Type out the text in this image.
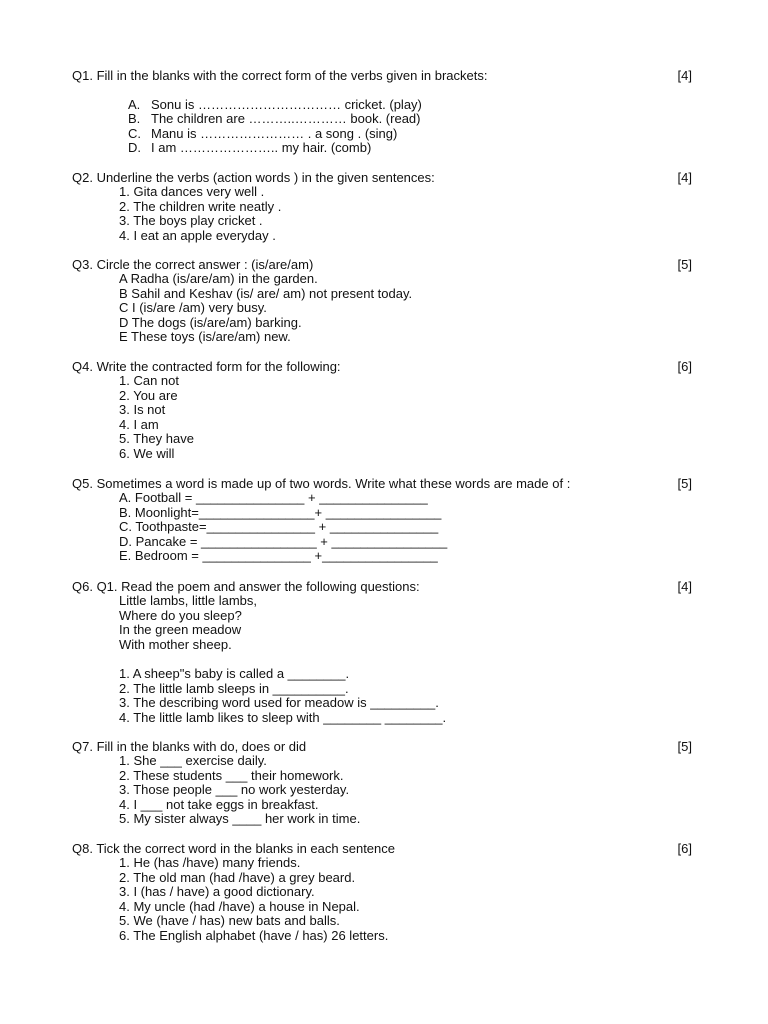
Q1. Fill in the blanks with the correct form of the verbs given in brackets:	[4]
A. Sonu is …………………………… cricket. (play)
B. The children are ………..………… book. (read)
C. Manu is …………………… . a song . (sing)
D. I am ………………….. my hair. (comb)
Q2. Underline the verbs (action words ) in the given sentences:	[4]
1. Gita dances very well .
2. The children write neatly .
3. The boys play cricket .
4. I eat an apple everyday .
Q3. Circle the correct answer : (is/are/am)	[5]
A Radha (is/are/am) in the garden.
B Sahil and Keshav (is/ are/ am) not present today.
C I (is/are /am) very busy.
D The dogs (is/are/am) barking.
E These toys (is/are/am) new.
Q4. Write the contracted form for the following:	[6]
1. Can not
2. You are
3. Is not
4. I am
5. They have
6. We will
Q5. Sometimes a word is made up of two words. Write what these words are made of :	[5]
A. Football = _______________ + _______________
B. Moonlight=________________+ ________________
C. Toothpaste=_______________ + _______________
D. Pancake = ________________ + ________________
E. Bedroom = _______________ +________________
Q6. Q1. Read the poem and answer the following questions:	[4]
Little lambs, little lambs,
Where do you sleep?
In the green meadow
With mother sheep.
1. A sheep"s baby is called a ________.
2. The little lamb sleeps in __________.
3. The describing word used for meadow is _________.
4. The little lamb likes to sleep with ________ ________.
Q7. Fill in the blanks with do, does or did	[5]
1. She ___ exercise daily.
2. These students ___ their homework.
3. Those people ___ no work yesterday.
4. I ___ not take eggs in breakfast.
5. My sister always ____ her work in time.
Q8. Tick the correct word in the blanks in each sentence	[6]
1. He (has /have) many friends.
2. The old man (had /have) a grey beard.
3. I (has / have) a good dictionary.
4. My uncle (had /have) a house in Nepal.
5. We (have / has) new bats and balls.
6. The English alphabet (have / has) 26 letters.
